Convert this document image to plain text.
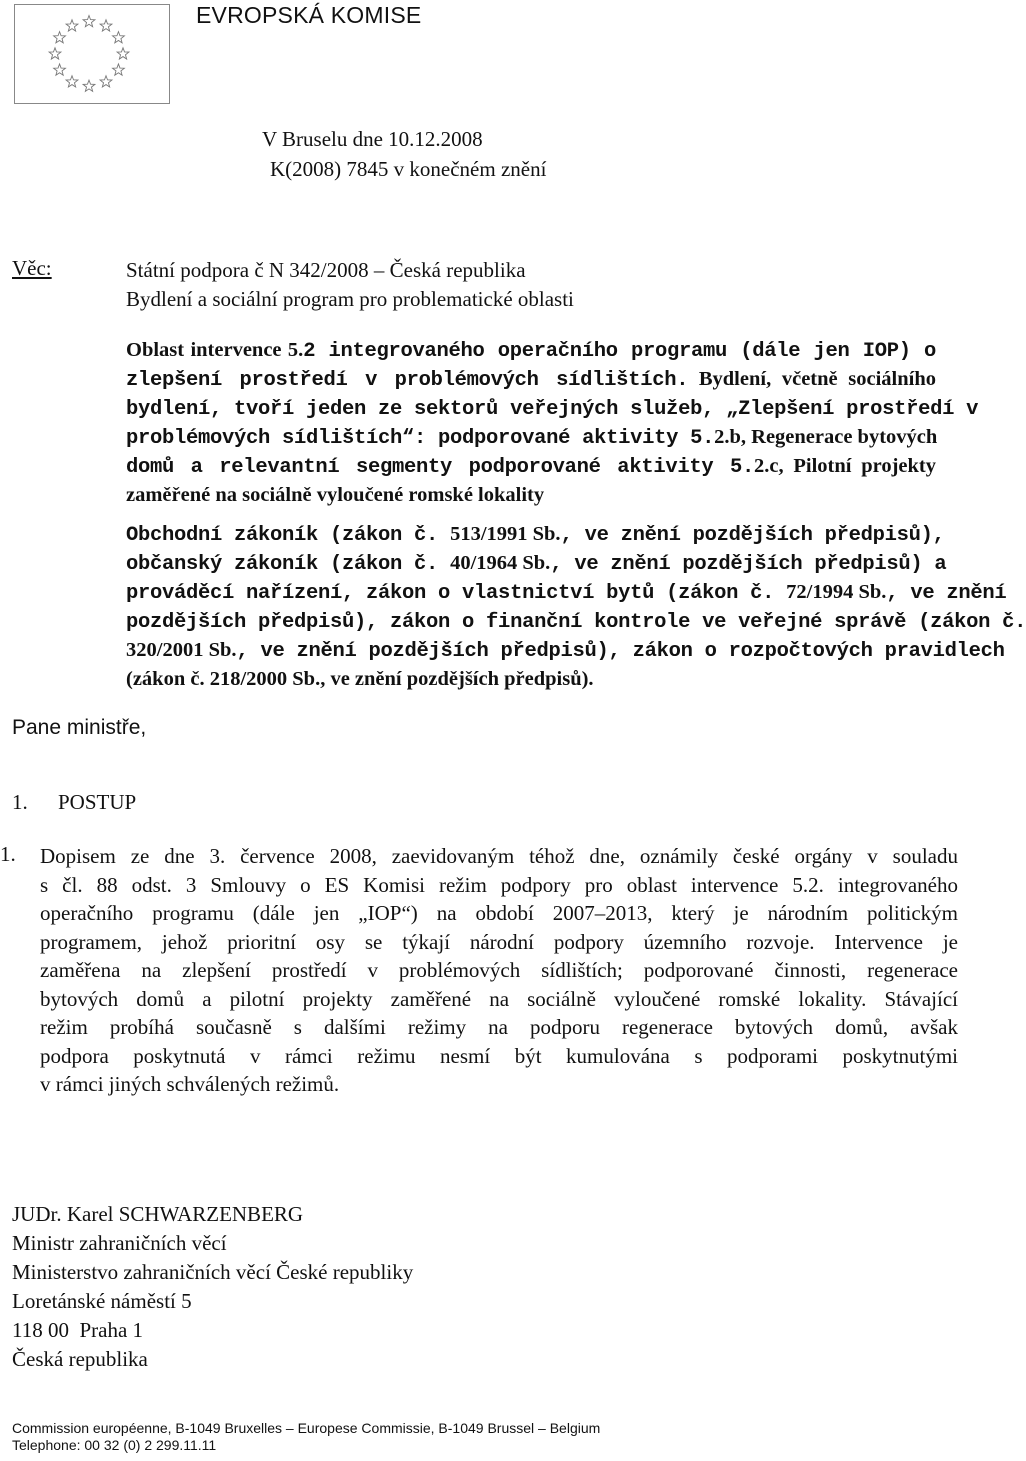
EVROPSKÁ KOMISE
V Bruselu dne 10.12.2008
K(2008) 7845 v konečném znění
Věc:	Státní podpora č N 342/2008 – Česká republika
Bydlení a sociální program pro problematické oblasti
Oblast intervence 5.2 integrovaného operačního programu (dále jen IOP) o
zlepšení prostředí v problémových sídlištích. Bydlení, včetně sociálního
bydlení, tvoří jeden ze sektorů veřejných služeb, „Zlepšení prostředí v
problémových sídlištích“: podporované aktivity 5.2.b, Regenerace bytových
domů a relevantní segmenty podporované aktivity 5.2.c, Pilotní projekty
zaměřené na sociálně vyloučené romské lokality
Obchodní zákoník (zákon č. 513/1991 Sb., ve znění pozdějších předpisů),
občanský zákoník (zákon č. 40/1964 Sb., ve znění pozdějších předpisů) a
prováděcí nařízení, zákon o vlastnictví bytů (zákon č. 72/1994 Sb., ve znění
pozdějších předpisů), zákon o finanční kontrole ve veřejné správě (zákon č.
320/2001 Sb., ve znění pozdějších předpisů), zákon o rozpočtových pravidlech
(zákon č. 218/2000 Sb., ve znění pozdějších předpisů).
Pane ministře,
1. POSTUP
1. Dopisem ze dne 3. července 2008, zaevidovaným téhož dne, oznámily české orgány v souladu
s čl. 88 odst. 3 Smlouvy o ES Komisi režim podpory pro oblast intervence 5.2. integrovaného
operačního programu (dále jen „IOP“) na období 2007–2013, který je národním politickým
programem, jehož prioritní osy se týkají národní podpory územního rozvoje. Intervence je
zaměřena na zlepšení prostředí v problémových sídlištích; podporované činnosti, regenerace
bytových domů a pilotní projekty zaměřené na sociálně vyloučené romské lokality. Stávající
režim probíhá současně s dalšími režimy na podporu regenerace bytových domů, avšak
podpora poskytnutá v rámci režimu nesmí být kumulována s podporami poskytnutými
v rámci jiných schválených režimů.
JUDr. Karel SCHWARZENBERG
Ministr zahraničních věcí
Ministerstvo zahraničních věcí České republiky
Loretánské náměstí 5
118 00  Praha 1
Česká republika
Commission européenne, B-1049 Bruxelles – Europese Commissie, B-1049 Brussel – Belgium
Telephone: 00 32 (0) 2 299.11.11
